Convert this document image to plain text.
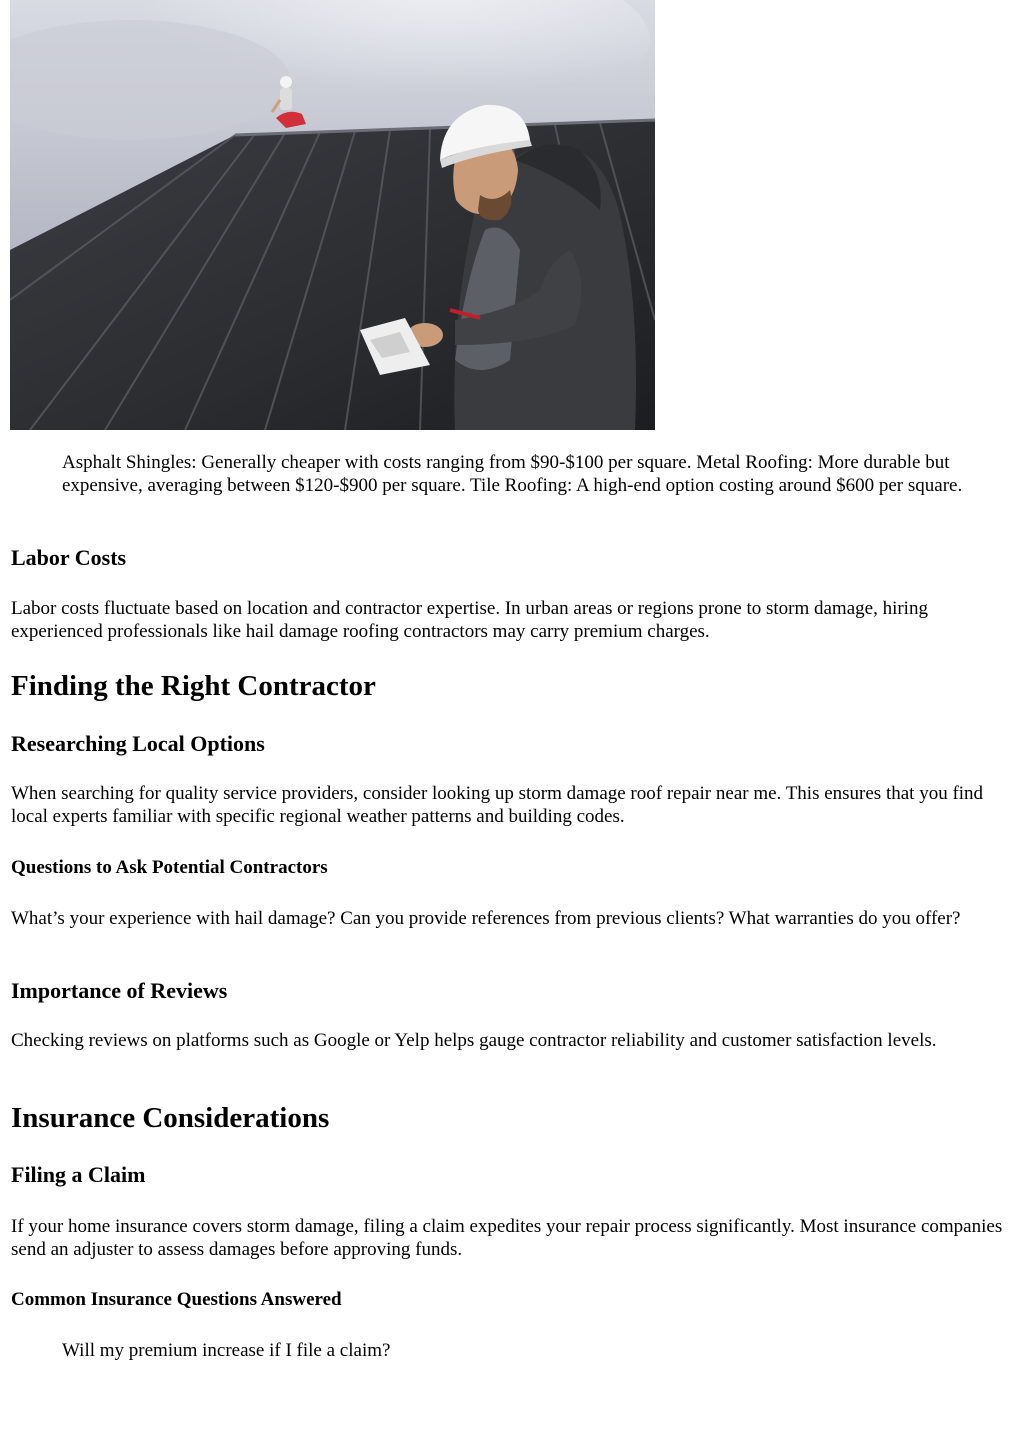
Asphalt Shingles: Generally cheaper with costs ranging from $90-$100 per square. Metal Roofing: More durable but expensive, averaging between $120-$900 per square. Tile Roofing: A high-end option costing around $600 per square.

Labor Costs

Labor costs fluctuate based on location and contractor expertise. In urban areas or regions prone to storm damage, hiring experienced professionals like hail damage roofing contractors may carry premium charges.

Finding the Right Contractor
Researching Local Options

When searching for quality service providers, consider looking up storm damage roof repair near me. This ensures that you find local experts familiar with specific regional weather patterns and building codes.

Questions to Ask Potential Contractors

What’s your experience with hail damage? Can you provide references from previous clients? What warranties do you offer?

Importance of Reviews

Checking reviews on platforms such as Google or Yelp helps gauge contractor reliability and customer satisfaction levels.

Insurance Considerations
Filing a Claim

If your home insurance covers storm damage, filing a claim expedites your repair process significantly. Most insurance companies send an adjuster to assess damages before approving funds.

Common Insurance Questions Answered

Will my premium increase if I file a claim?
